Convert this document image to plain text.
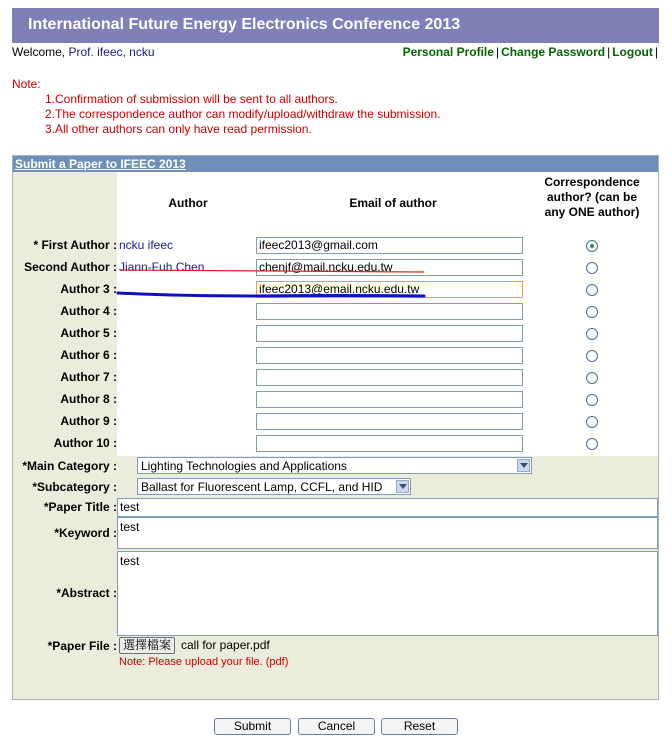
International Future Energy Electronics Conference 2013
Welcome, Prof. ifeec, ncku	Personal Profile | Change Password | Logout |
Note:
1.Confirmation of submission will be sent to all authors.
2.The correspondence author can modify/upload/withdraw the submission.
3.All other authors can only have read permission.
Submit a Paper to IFEEC 2013
Author	Email of author
Correspondence author? (can be any ONE author)
* First Author : ncku ifeec	ifeec2013@gmail.com
Second Author : Jiann-Fuh Chen	chenjf@mail.ncku.edu.tw
Author 3 :	ifeec2013@email.ncku.edu.tw
Author 4 :
Author 5 :
Author 6 :
Author 7 :
Author 8 :
Author 9 :
Author 10 :
*Main Category :	Lighting Technologies and Applications
*Subcategory :	Ballast for Fluorescent Lamp, CCFL, and HID
*Paper Title : test
*Keyword : test
*Abstract :
test
*Paper File : 選擇檔案 call for paper.pdf
Note: Please upload your file. (pdf)
Submit	Cancel	Reset
